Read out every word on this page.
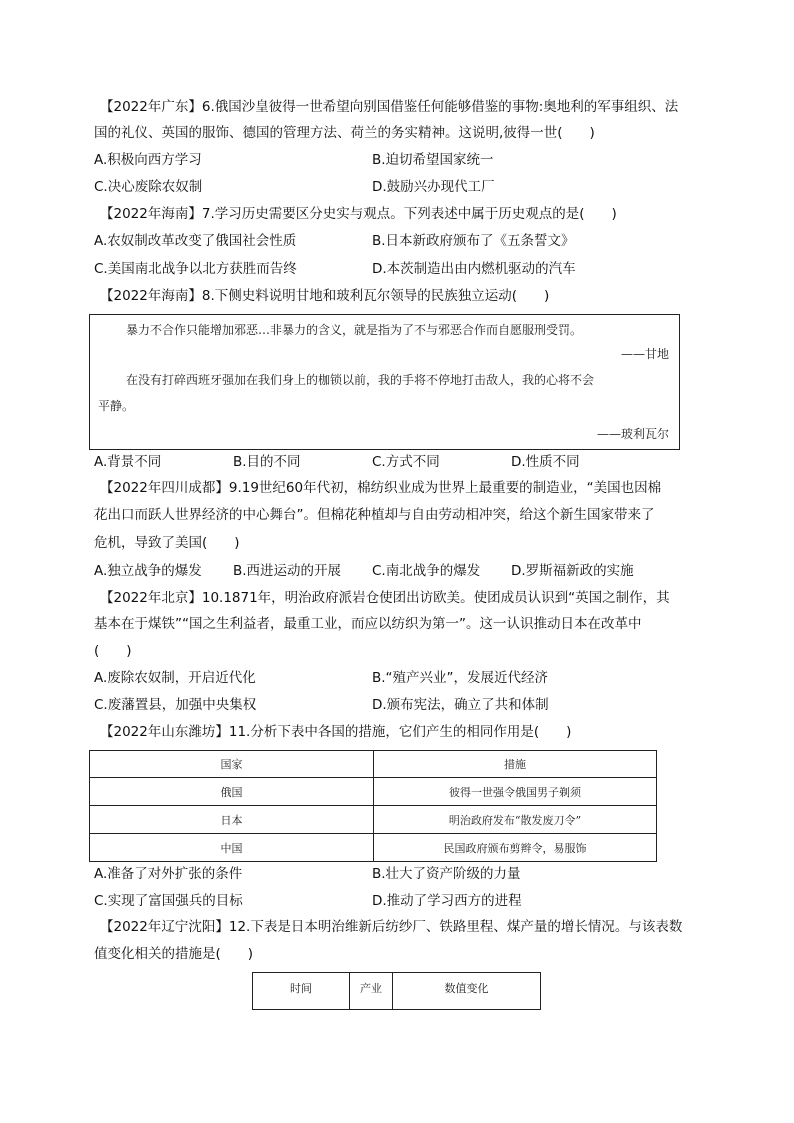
【2022年广东】6.俄国沙皇彼得一世希望向别国借鉴任何能够借鉴的事物:奥地利的军事组织、法
国的礼仪、英国的服饰、德国的管理方法、荷兰的务实精神。这说明,彼得一世(　　)
A.积极向西方学习	B.迫切希望国家统一
C.决心废除农奴制	D.鼓励兴办现代工厂
【2022年海南】7.学习历史需要区分史实与观点。下列表述中属于历史观点的是(　　)
A.农奴制改革改变了俄国社会性质	B.日本新政府颁布了《五条誓文》
C.美国南北战争以北方获胜而告终	D.本茨制造出由内燃机驱动的汽车
【2022年海南】8.下侧史料说明甘地和玻利瓦尔领导的民族独立运动(　　)
暴力不合作只能增加邪恶…非暴力的含义，就是指为了不与邪恶合作而自愿服刑受罚。
——甘地
在没有打碎西班牙强加在我们身上的枷锁以前，我的手将不停地打击敌人，我的心将不会
平静。
——玻利瓦尔
A.背景不同	B.目的不同	C.方式不同	D.性质不同
【2022年四川成都】9.19世纪60年代初，棉纺织业成为世界上最重要的制造业，“美国也因棉
花出口而跃人世界经济的中心舞台”。但棉花种植却与自由劳动相冲突，给这个新生国家带来了
危机，导致了美国(　　)
A.独立战争的爆发 B.西进运动的开展 C.南北战争的爆发 D.罗斯福新政的实施
【2022年北京】10.1871年，明治政府派岩仓使团出访欧美。使团成员认识到“英国之制作，其
基本在于煤铁”“国之生利益者，最重工业，而应以纺织为第一”。这一认识推动日本在改革中
(　　)
A.废除农奴制，开启近代化	B.“殖产兴业”，发展近代经济
C.废藩置县，加强中央集权	D.颁布宪法，确立了共和体制
【2022年山东潍坊】11.分析下表中各国的措施，它们产生的相同作用是(　　)
国家	措施
俄国	彼得一世强令俄国男子剃须
日本	明治政府发布“散发废刀令”
中国	民国政府颁布剪辫令，易服饰
A.准备了对外扩张的条件	B.壮大了资产阶级的力量
C.实现了富国强兵的目标	D.推动了学习西方的进程
【2022年辽宁沈阳】12.下表是日本明治维新后纺纱厂、铁路里程、煤产量的增长情况。与该表数
值变化相关的措施是(　　)
时间	产业	数值变化
